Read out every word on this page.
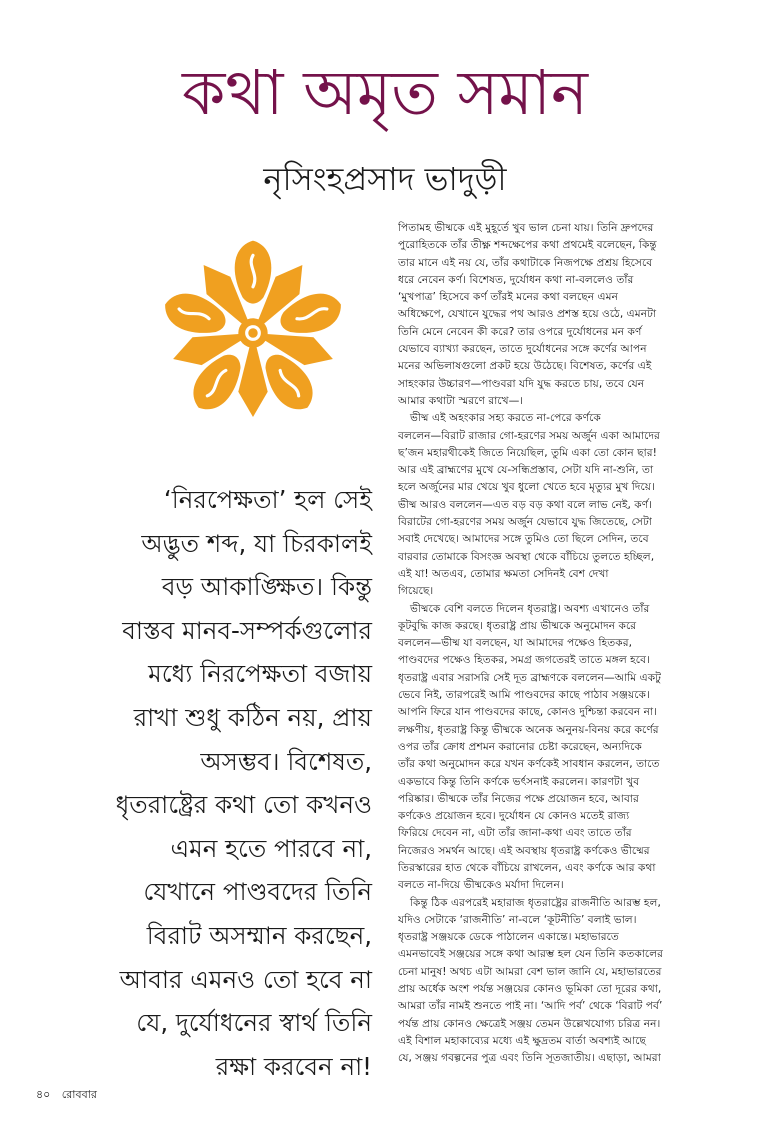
কথা অমৃত সমান
নৃসিংহপ্রসাদ ভাদুড়ী
‘নিরপেক্ষতা’ হল সেই
অদ্ভুত শব্দ, যা চিরকালই
বড় আকাঙ্ক্ষিত। কিন্তু
বাস্তব মানব-সম্পর্কগুলোর
মধ্যে নিরপেক্ষতা বজায়
রাখা শুধু কঠিন নয়, প্রায়
অসম্ভব। বিশেষত,
ধৃতরাষ্ট্রের কথা তো কখনও
এমন হতে পারবে না,
যেখানে পাণ্ডবদের তিনি
বিরাট অসম্মান করছেন,
আবার এমনও তো হবে না
যে, দুর্যোধনের স্বার্থ তিনি
রক্ষা করবেন না!

পিতামহ ভীষ্মকে এই মুহূর্তে খুব ভাল চেনা যায়। তিনি দ্রুপদের
পুরোহিতকে তাঁর তীক্ষ্ণ শব্দক্ষেপের কথা প্রথমেই বলেছেন, কিন্তু
তার মানে এই নয় যে, তাঁর কথাটাকে নিজপক্ষে প্রশ্রয় হিসেবে
ধরে নেবেন কর্ণ। বিশেষত, দুর্যোধন কথা না-বললেও তাঁর
‘মুখপাত্র’ হিসেবে কর্ণ তাঁরই মনের কথা বলছেন এমন
অধিক্ষেপে, যেখানে যুদ্ধের পথ আরও প্রশস্ত হয়ে ওঠে, এমনটা
তিনি মেনে নেবেন কী করে? তার ওপরে দুর্যোধনের মন কর্ণ
যেভাবে ব্যাখ্যা করছেন, তাতে দুর্যোধনের সঙ্গে কর্ণের আপন
মনের অভিলাষগুলো প্রকট হয়ে উঠেছে। বিশেষত, কর্ণের এই
সাহংকার উচ্চারণ—পাণ্ডবরা যদি যুদ্ধ করতে চায়, তবে যেন
আমার কথাটা স্মরণে রাখে—।

ভীষ্ম এই অহংকার সহ্য করতে না-পেরে কর্ণকে
বললেন—বিরাট রাজার গো-হরণের সময় অর্জুন একা আমাদের
ছ’জন মহারথীকেই জিতে নিয়েছিল, তুমি একা তো কোন ছার!
আর এই ব্রাহ্মণের মুখে যে-সন্ধিপ্রস্তাব, সেটা যদি না-শুনি, তা
হলে অর্জুনের মার খেয়ে খুব ধুলো খেতে হবে মৃত্যুর মুখ দিয়ে।
ভীষ্ম আরও বললেন—এত বড় বড় কথা বলে লাভ নেই, কর্ণ।
বিরাটের গো-হরণের সময় অর্জুন যেভাবে যুদ্ধ জিতেছে, সেটা
সবাই দেখেছে। আমাদের সঙ্গে তুমিও তো ছিলে সেদিন, তবে
বারবার তোমাকে বিসংজ্ঞ অবস্থা থেকে বাঁচিয়ে তুলতে হচ্ছিল,
এই যা! অতএব, তোমার ক্ষমতা সেদিনই বেশ দেখা
গিয়েছে।

ভীষ্মকে বেশি বলতে দিলেন ধৃতরাষ্ট্র। অবশ্য এখানেও তাঁর
কূটবুদ্ধি কাজ করছে। ধৃতরাষ্ট্র প্রায় ভীষ্মকে অনুমোদন করে
বললেন—ভীষ্ম যা বলছেন, যা আমাদের পক্ষেও হিতকর,
পাণ্ডবদের পক্ষেও হিতকর, সমগ্র জগতেরই তাতে মঙ্গল হবে।
ধৃতরাষ্ট্র এবার সরাসরি সেই দূত ব্রাহ্মণকে বললেন—আমি একটু
ভেবে নিই, তারপরেই আমি পাণ্ডবদের কাছে পাঠাব সঞ্জয়কে।
আপনি ফিরে যান পাণ্ডবদের কাছে, কোনও দুশ্চিন্তা করবেন না।
লক্ষণীয়, ধৃতরাষ্ট্র কিন্তু ভীষ্মকে অনেক অনুনয়-বিনয় করে কর্ণের
ওপর তাঁর ক্রোধ প্রশমন করানোর চেষ্টা করেছেন, অন্যদিকে
তাঁর কথা অনুমোদন করে যখন কর্ণকেই সাবধান করলেন, তাতে
একভাবে কিন্তু তিনি কর্ণকে ভর্ৎসনাই করলেন। কারণটা খুব
পরিষ্কার। ভীষ্মকে তাঁর নিজের পক্ষে প্রয়োজন হবে, আবার
কর্ণকেও প্রয়োজন হবে। দুর্যোধন যে কোনও মতেই রাজ্য
ফিরিয়ে দেবেন না, এটা তাঁর জানা-কথা এবং তাতে তাঁর
নিজেরও সমর্থন আছে। এই অবস্থায় ধৃতরাষ্ট্র কর্ণকেও ভীষ্মের
তিরস্কারের হাত থেকে বাঁচিয়ে রাখলেন, এবং কর্ণকে আর কথা
বলতে না-দিয়ে ভীষ্মকেও মর্যাদা দিলেন।

কিন্তু ঠিক এরপরেই মহারাজ ধৃতরাষ্ট্রের রাজনীতি আরম্ভ হল,
যদিও সেটাকে ‘রাজনীতি’ না-বলে ‘কূটনীতি’ বলাই ভাল।
ধৃতরাষ্ট্র সঞ্জয়কে ডেকে পাঠালেন একান্তে। মহাভারতে
এমনভাবেই সঞ্জয়ের সঙ্গে কথা আরম্ভ হল যেন তিনি কতকালের
চেনা মানুষ! অথচ এটা আমরা বেশ ভাল জানি যে, মহাভারতের
প্রায় অর্ধেক অংশ পর্যন্ত সঞ্জয়ের কোনও ভূমিকা তো দূরের কথা,
আমরা তাঁর নামই শুনতে পাই না। ‘আদি পর্ব’ থেকে ‘বিরাট পর্ব’
পর্যন্ত প্রায় কোনও ক্ষেত্রেই সঞ্জয় তেমন উল্লেখযোগ্য চরিত্র নন।
এই বিশাল মহাকাব্যের মধ্যে এই ক্ষুদ্রতম বার্তা অবশ্যই আছে
যে, সঞ্জয় গবল্গনের পুত্র এবং তিনি সূতজাতীয়। এছাড়া, আমরা

৪০ রোববার
